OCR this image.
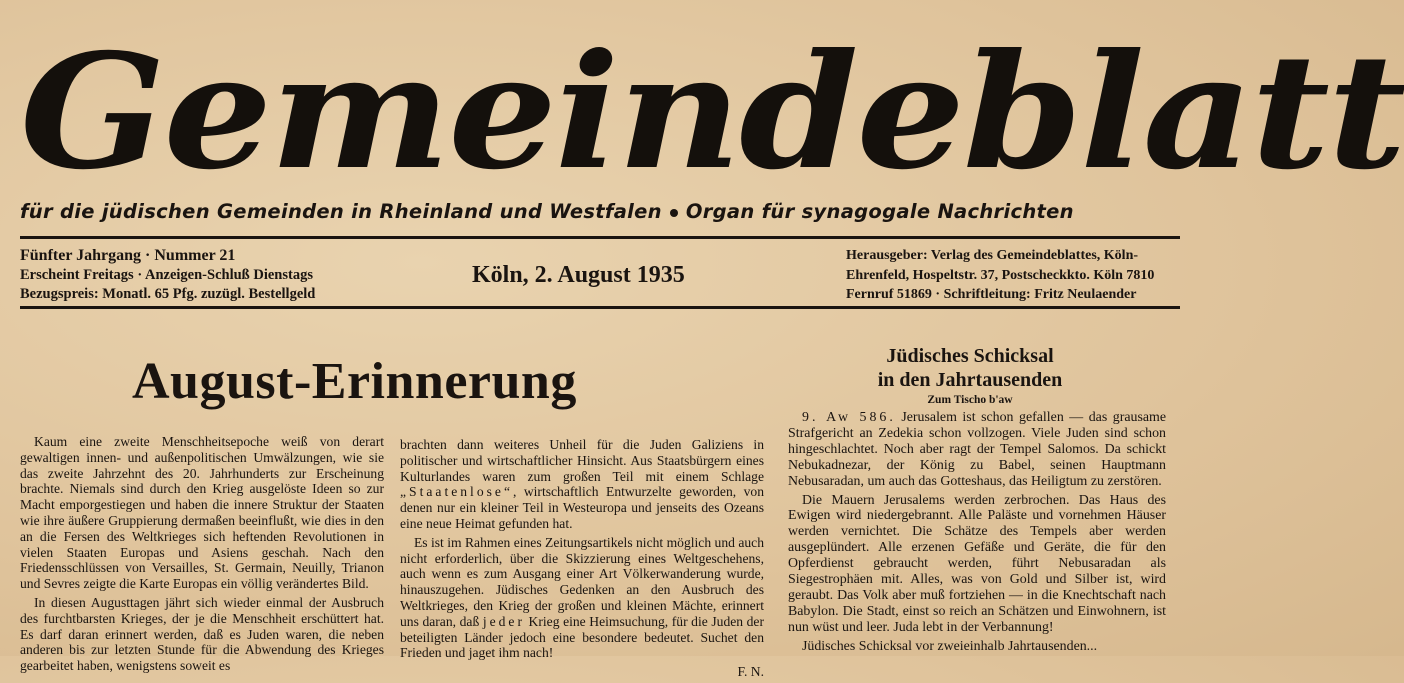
Gemeindeblatt
für die jüdischen Gemeinden in Rheinland und Westfalen Organ für synagogale Nachrichten
Fünfter Jahrgang · Nummer 21
Erscheint Freitags · Anzeigen-Schluß Dienstags
Bezugspreis: Monatl. 65 Pfg. zuzügl. Bestellgeld
Köln, 2. August 1935
Herausgeber: Verlag des Gemeindeblattes, Köln-
Ehrenfeld, Hospeltstr. 37, Postscheckkto. Köln 7810
Fernruf 51869 · Schriftleitung: Fritz Neulaender
August-Erinnerung

Kaum eine zweite Menschheitsepoche weiß von derart gewaltigen innen- und außenpolitischen Umwälzungen, wie sie das zweite Jahrzehnt des 20. Jahrhunderts zur Erscheinung brachte. Niemals sind durch den Krieg ausgelöste Ideen so zur Macht emporgestiegen und haben die innere Struktur der Staaten wie ihre äußere Gruppierung dermaßen beeinflußt, wie dies in den an die Fersen des Weltkrieges sich heftenden Revolutionen in vielen Staaten Europas und Asiens geschah. Nach den Friedensschlüssen von Versailles, St. Germain, Neuilly, Trianon und Sevres zeigte die Karte Europas ein völlig verändertes Bild.

In diesen Augusttagen jährt sich wieder einmal der Ausbruch des furchtbarsten Krieges, der je die Menschheit erschüttert hat. Es darf daran erinnert werden, daß es Juden waren, die neben anderen bis zur letzten Stunde für die Abwendung des Krieges gearbeitet haben, wenigstens soweit es

brachten dann weiteres Unheil für die Juden Galiziens in politischer und wirtschaftlicher Hinsicht. Aus Staatsbürgern eines Kulturlandes waren zum großen Teil mit einem Schlage „Staatenlose“, wirtschaftlich Entwurzelte geworden, von denen nur ein kleiner Teil in Westeuropa und jenseits des Ozeans eine neue Heimat gefunden hat.

Es ist im Rahmen eines Zeitungsartikels nicht möglich und auch nicht erforderlich, über die Skizzierung eines Weltgeschehens, auch wenn es zum Ausgang einer Art Völkerwanderung wurde, hinauszugehen. Jüdisches Gedenken an den Ausbruch des Weltkrieges, den Krieg der großen und kleinen Mächte, erinnert uns daran, daß jeder Krieg eine Heimsuchung, für die Juden der beteiligten Länder jedoch eine besondere bedeutet. Suchet den Frieden und jaget ihm nach!

F. N.

Jüdisches Schicksal
in den Jahrtausenden
Zum Tischo b'aw

9. Aw 586. Jerusalem ist schon gefallen — das grausame Strafgericht an Zedekia schon vollzogen. Viele Juden sind schon hingeschlachtet. Noch aber ragt der Tempel Salomos. Da schickt Nebukadnezar, der König zu Babel, seinen Hauptmann Nebusaradan, um auch das Gotteshaus, das Heiligtum zu zerstören.

Die Mauern Jerusalems werden zerbrochen. Das Haus des Ewigen wird niedergebrannt. Alle Paläste und vornehmen Häuser werden vernichtet. Die Schätze des Tempels aber werden ausgeplündert. Alle erzenen Gefäße und Geräte, die für den Opferdienst gebraucht werden, führt Nebusaradan als Siegestrophäen mit. Alles, was von Gold und Silber ist, wird geraubt. Das Volk aber muß fortziehen — in die Knechtschaft nach Babylon. Die Stadt, einst so reich an Schätzen und Einwohnern, ist nun wüst und leer. Juda lebt in der Verbannung!

Jüdisches Schicksal vor zweieinhalb Jahrtausenden...
